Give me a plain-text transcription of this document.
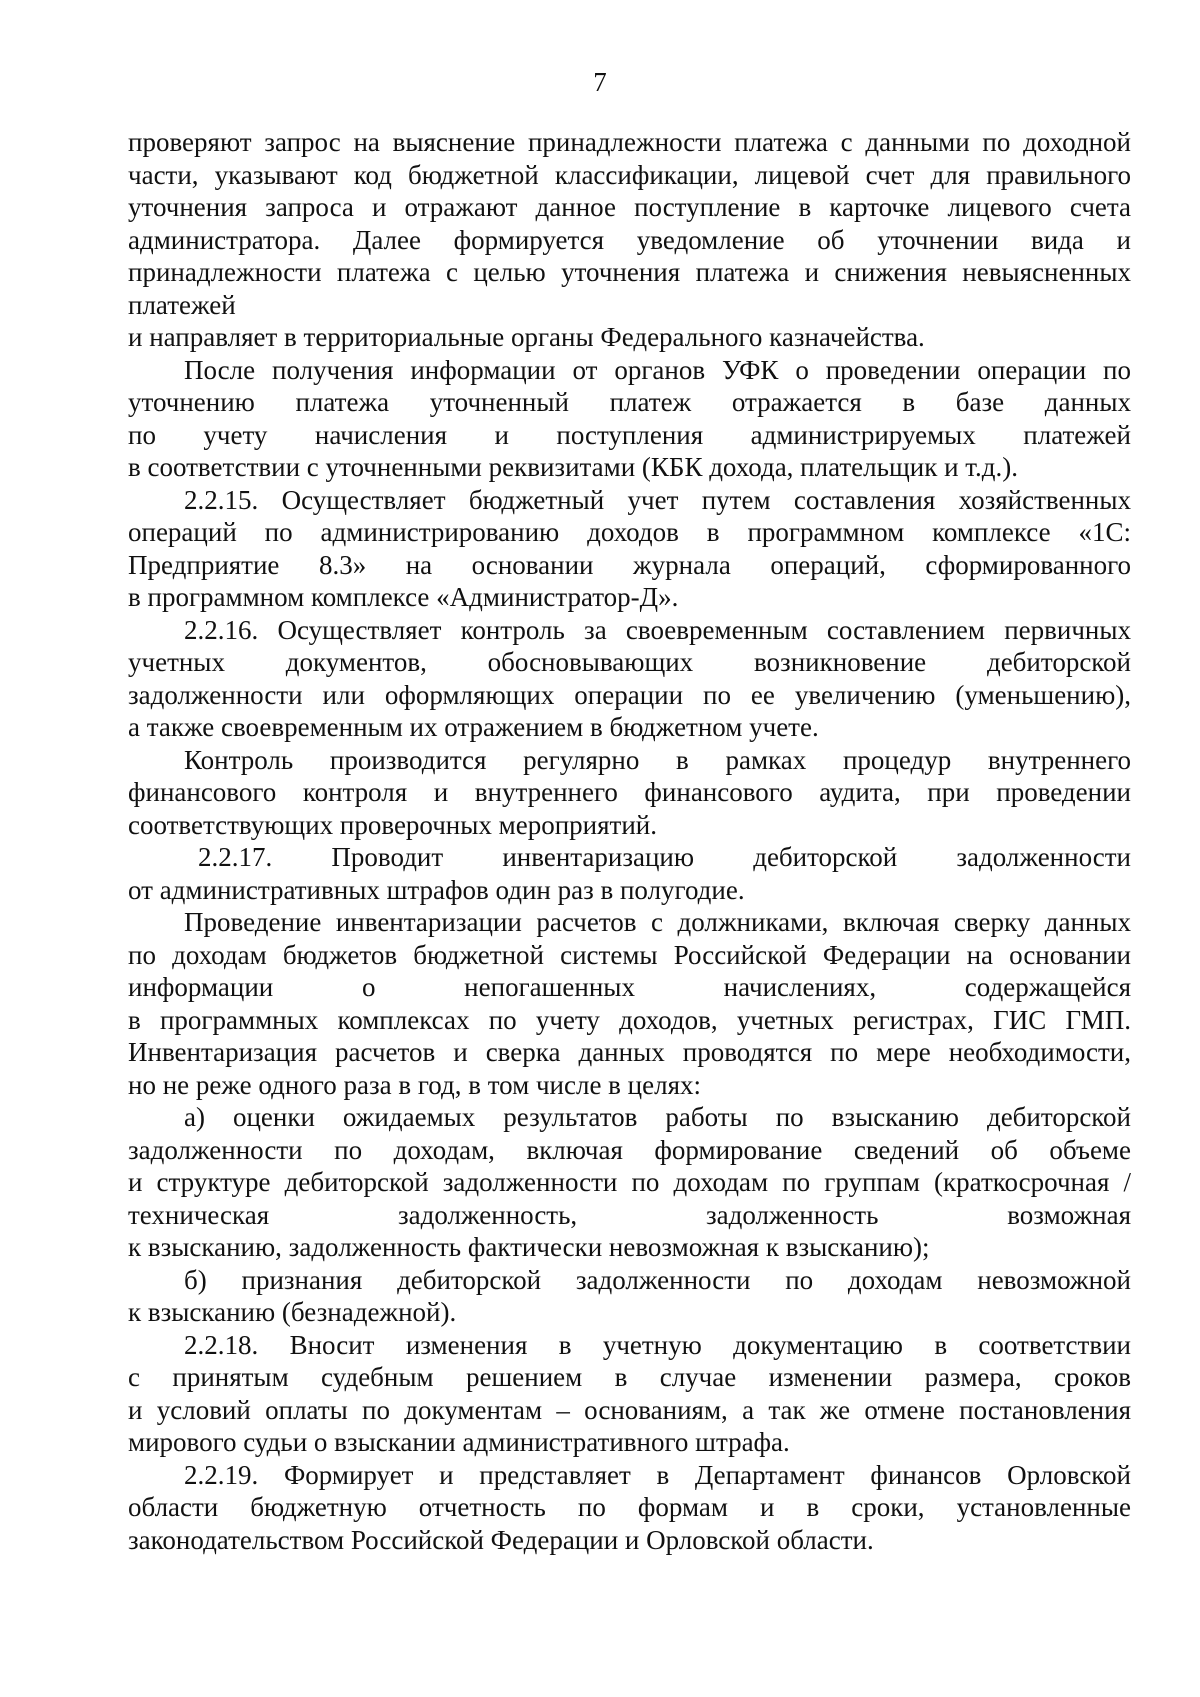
7
проверяют запрос на выяснение принадлежности платежа с данными по доходной
части, указывают код бюджетной классификации, лицевой счет для правильного
уточнения запроса и отражают данное поступление в карточке лицевого счета
администратора. Далее формируется уведомление об уточнении вида и
принадлежности платежа с целью уточнения платежа и снижения невыясненных
платежей
и направляет в территориальные органы Федерального казначейства.
После получения информации от органов УФК о проведении операции по
уточнению платежа уточненный платеж отражается в базе данных
по учету начисления и поступления администрируемых платежей
в соответствии с уточненными реквизитами (КБК дохода, плательщик и т.д.).
2.2.15. Осуществляет бюджетный учет путем составления хозяйственных
операций по администрированию доходов в программном комплексе «1С:
Предприятие 8.3» на основании журнала операций, сформированного
в программном комплексе «Администратор-Д».
2.2.16. Осуществляет контроль за своевременным составлением первичных
учетных документов, обосновывающих возникновение дебиторской
задолженности или оформляющих операции по ее увеличению (уменьшению),
а также своевременным их отражением в бюджетном учете.
Контроль производится регулярно в рамках процедур внутреннего
финансового контроля и внутреннего финансового аудита, при проведении
соответствующих проверочных мероприятий.
2.2.17. Проводит инвентаризацию дебиторской задолженности
от административных штрафов один раз в полугодие.
Проведение инвентаризации расчетов с должниками, включая сверку данных
по доходам бюджетов бюджетной системы Российской Федерации на основании
информации о непогашенных начислениях, содержащейся
в программных комплексах по учету доходов, учетных регистрах, ГИС ГМП.
Инвентаризация расчетов и сверка данных проводятся по мере необходимости,
но не реже одного раза в год, в том числе в целях:
а) оценки ожидаемых результатов работы по взысканию дебиторской
задолженности по доходам, включая формирование сведений об объеме
и структуре дебиторской задолженности по доходам по группам (краткосрочная /
техническая задолженность, задолженность возможная
к взысканию, задолженность фактически невозможная к взысканию);
б) признания дебиторской задолженности по доходам невозможной
к взысканию (безнадежной).
2.2.18. Вносит изменения в учетную документацию в соответствии
с принятым судебным решением в случае изменении размера, сроков
и условий оплаты по документам – основаниям, а так же отмене постановления
мирового судьи о взыскании административного штрафа.
2.2.19. Формирует и представляет в Департамент финансов Орловской
области бюджетную отчетность по формам и в сроки, установленные
законодательством Российской Федерации и Орловской области.
